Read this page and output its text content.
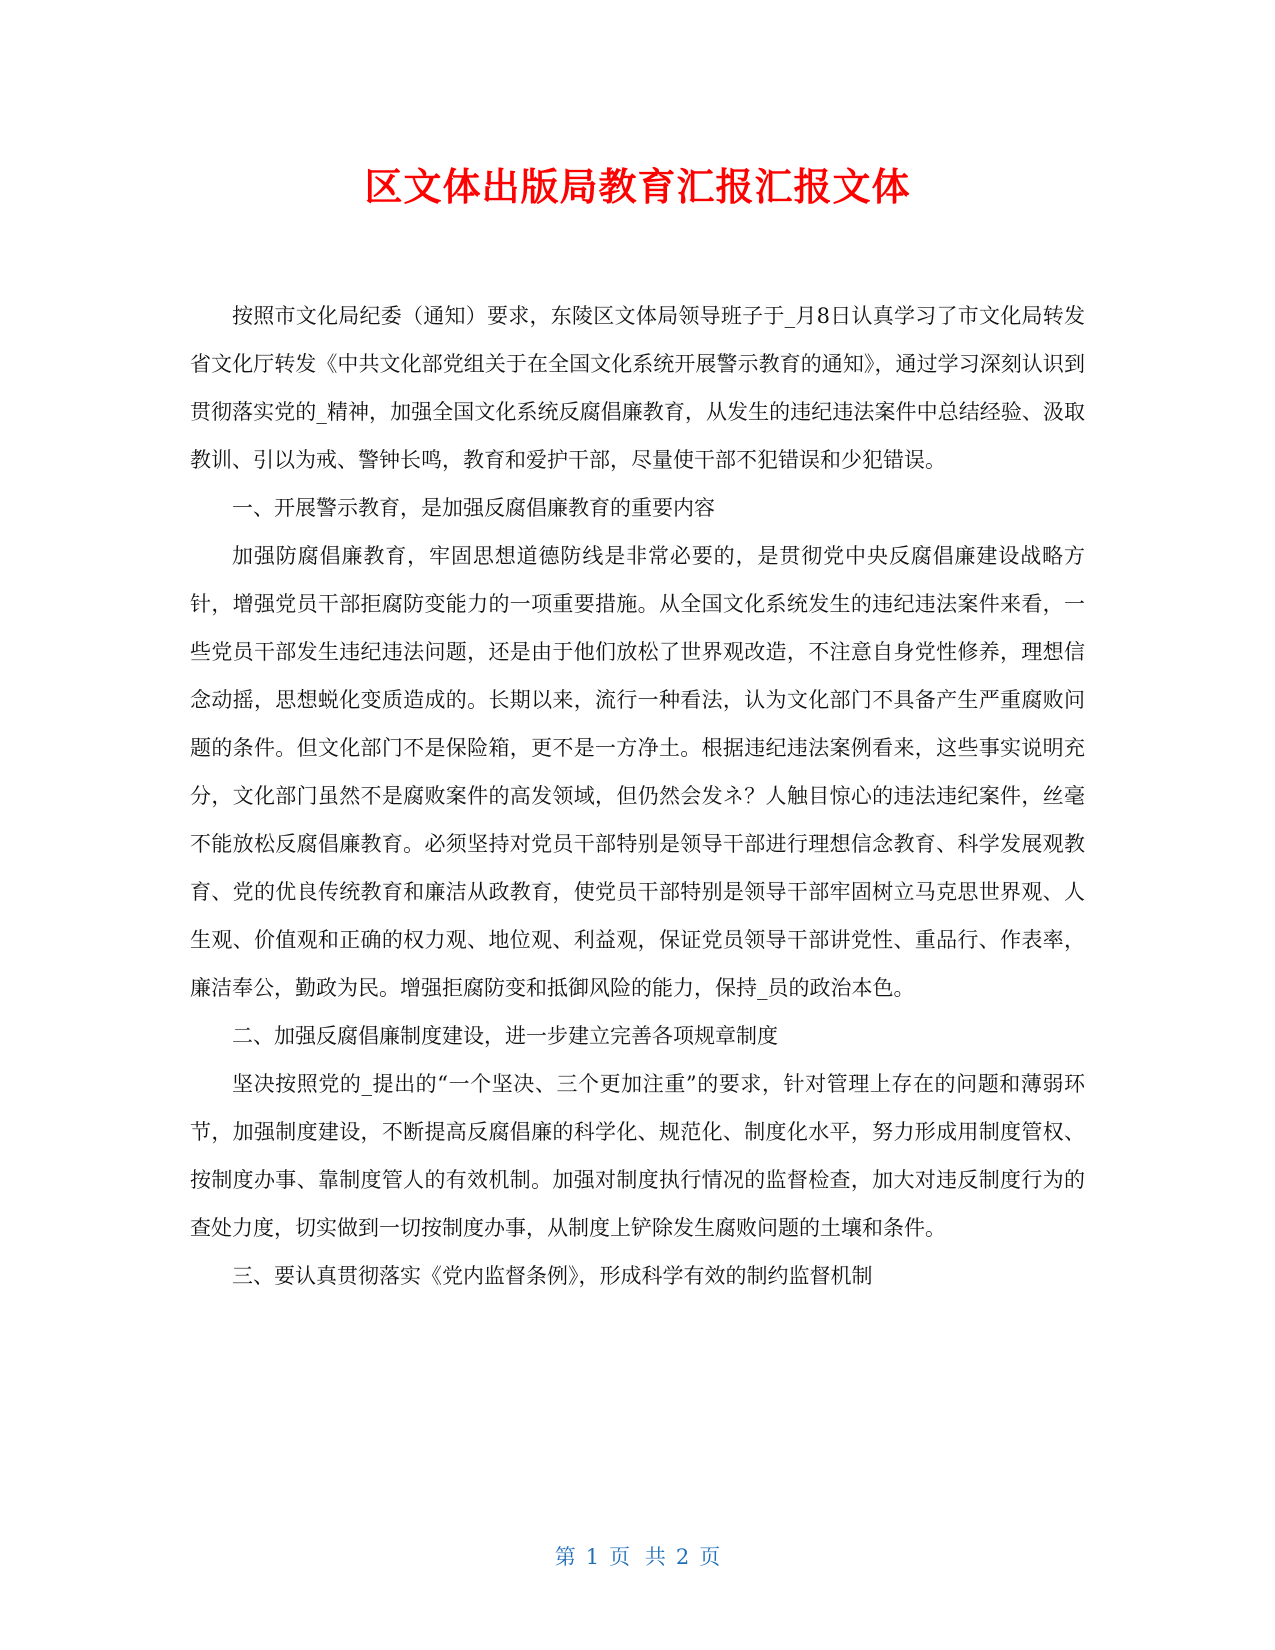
区文体出版局教育汇报汇报文体

按照市文化局纪委（通知）要求，东陵区文体局领导班子于_月8日认真学习了市文化局转发省文化厅转发《中共文化部党组关于在全国文化系统开展警示教育的通知》，通过学习深刻认识到贯彻落实党的_精神，加强全国文化系统反腐倡廉教育，从发生的违纪违法案件中总结经验、汲取教训、引以为戒、警钟长鸣，教育和爱护干部，尽量使干部不犯错误和少犯错误。

一、开展警示教育，是加强反腐倡廉教育的重要内容

加强防腐倡廉教育，牢固思想道德防线是非常必要的，是贯彻党中央反腐倡廉建设战略方针，增强党员干部拒腐防变能力的一项重要措施。从全国文化系统发生的违纪违法案件来看，一些党员干部发生违纪违法问题，还是由于他们放松了世界观改造，不注意自身党性修养，理想信念动摇，思想蜕化变质造成的。长期以来，流行一种看法，认为文化部门不具备产生严重腐败问题的条件。但文化部门不是保险箱，更不是一方净土。根据违纪违法案例看来，这些事实说明充分，文化部门虽然不是腐败案件的高发领域，但仍然会发ネ？人触目惊心的违法违纪案件，丝毫不能放松反腐倡廉教育。必须坚持对党员干部特别是领导干部进行理想信念教育、科学发展观教育、党的优良传统教育和廉洁从政教育，使党员干部特别是领导干部牢固树立马克思世界观、人生观、价值观和正确的权力观、地位观、利益观，保证党员领导干部讲党性、重品行、作表率，廉洁奉公，勤政为民。增强拒腐防变和抵御风险的能力，保持_员的政治本色。

二、加强反腐倡廉制度建设，进一步建立完善各项规章制度

坚决按照党的_提出的“一个坚决、三个更加注重”的要求，针对管理上存在的问题和薄弱环节，加强制度建设，不断提高反腐倡廉的科学化、规范化、制度化水平，努力形成用制度管权、按制度办事、靠制度管人的有效机制。加强对制度执行情况的监督检查，加大对违反制度行为的查处力度，切实做到一切按制度办事，从制度上铲除发生腐败问题的土壤和条件。

三、要认真贯彻落实《党内监督条例》，形成科学有效的制约监督机制

第 1 页 共 2 页
